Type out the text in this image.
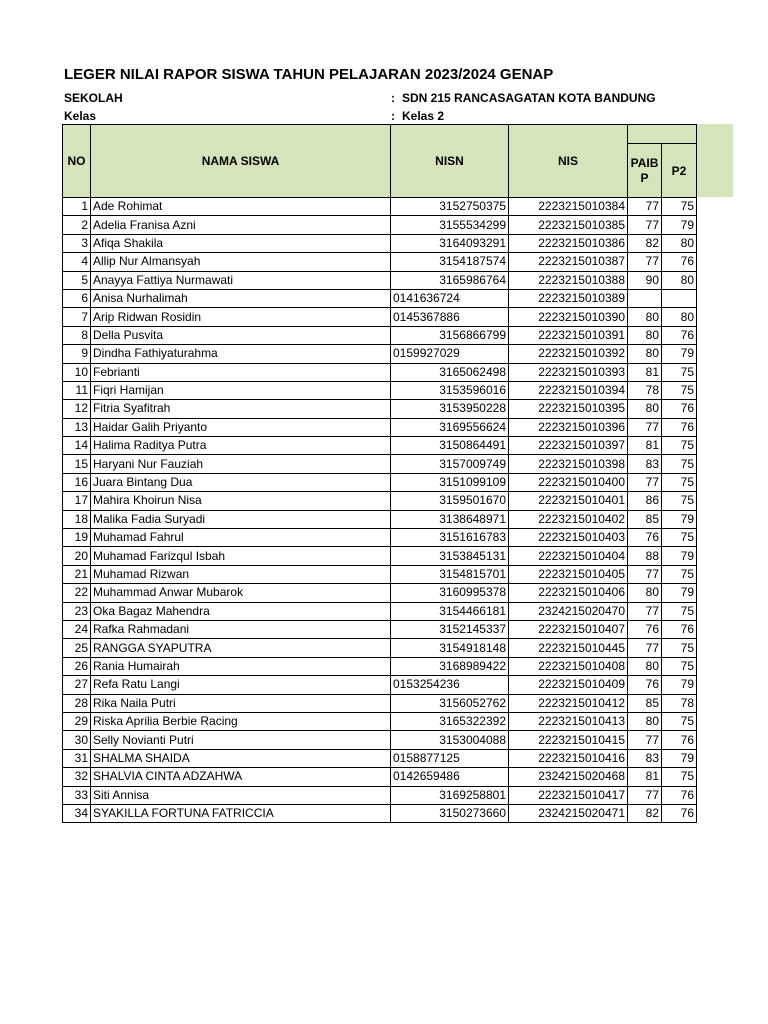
LEGER NILAI RAPOR SISWA TAHUN PELAJARAN 2023/2024 GENAP
SEKOLAH	: SDN 215 RANCASAGATAN KOTA BANDUNG
Kelas	: Kelas 2
NO	NAMA SISWA	NISN	NIS		
				PAIB P	P2
1	Ade Rohimat	3152750375	2223215010384	77	75
2	Adelia Franisa Azni	3155534299	2223215010385	77	79
3	Afiqa Shakila	3164093291	2223215010386	82	80
4	Allip Nur Almansyah	3154187574	2223215010387	77	76
5	Anayya Fattiya Nurmawati	3165986764	2223215010388	90	80
6	Anisa Nurhalimah	0141636724	2223215010389		
7	Arip Ridwan Rosidin	0145367886	2223215010390	80	80
8	Della Pusvita	3156866799	2223215010391	80	76
9	Dindha Fathiyaturahma	0159927029	2223215010392	80	79
10	Febrianti	3165062498	2223215010393	81	75
11	Fiqri Hamijan	3153596016	2223215010394	78	75
12	Fitria Syafitrah	3153950228	2223215010395	80	76
13	Haidar Galih Priyanto	3169556624	2223215010396	77	76
14	Halima Raditya Putra	3150864491	2223215010397	81	75
15	Haryani Nur Fauziah	3157009749	2223215010398	83	75
16	Juara Bintang Dua	3151099109	2223215010400	77	75
17	Mahira Khoirun Nisa	3159501670	2223215010401	86	75
18	Malika Fadia Suryadi	3138648971	2223215010402	85	79
19	Muhamad Fahrul	3151616783	2223215010403	76	75
20	Muhamad Farizqul Isbah	3153845131	2223215010404	88	79
21	Muhamad Rizwan	3154815701	2223215010405	77	75
22	Muhammad Anwar Mubarok	3160995378	2223215010406	80	79
23	Oka Bagaz Mahendra	3154466181	2324215020470	77	75
24	Rafka Rahmadani	3152145337	2223215010407	76	76
25	RANGGA SYAPUTRA	3154918148	2223215010445	77	75
26	Rania Humairah	3168989422	2223215010408	80	75
27	Refa Ratu Langi	0153254236	2223215010409	76	79
28	Rika Naila Putri	3156052762	2223215010412	85	78
29	Riska Aprilia Berbie Racing	3165322392	2223215010413	80	75
30	Selly Novianti Putri	3153004088	2223215010415	77	76
31	SHALMA SHAIDA	0158877125	2223215010416	83	79
32	SHALVIA CINTA ADZAHWA	0142659486	2324215020468	81	75
33	Siti Annisa	3169258801	2223215010417	77	76
34	SYAKILLA FORTUNA FATRICCIA	3150273660	2324215020471	82	76
